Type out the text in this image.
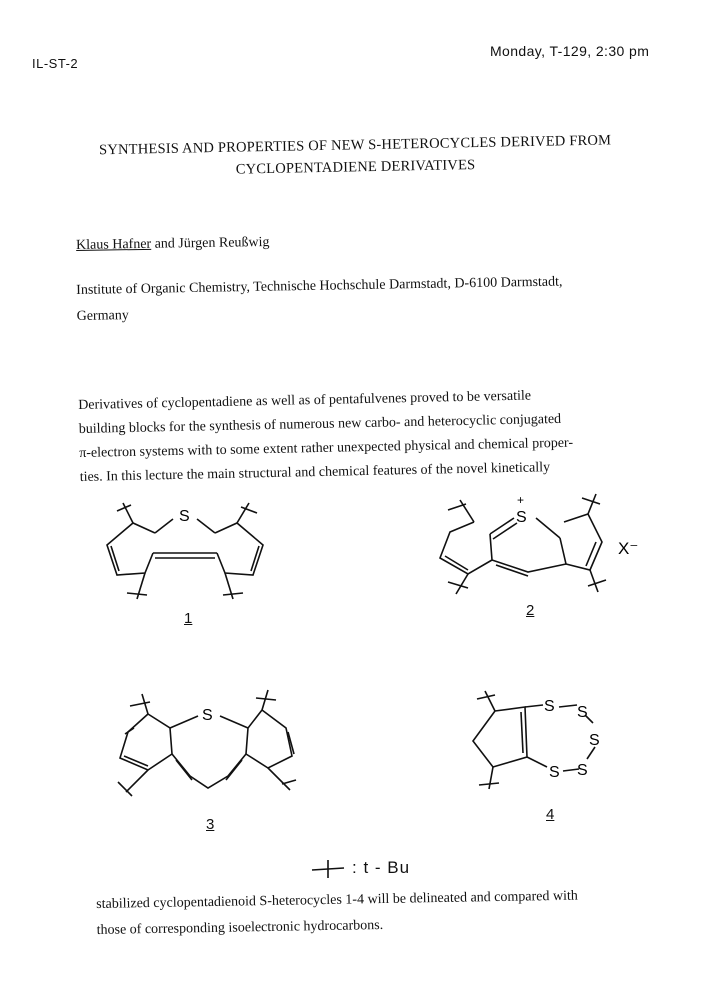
IL-ST-2
Monday, T-129, 2:30 pm
SYNTHESIS AND PROPERTIES OF NEW S-HETEROCYCLES DERIVED FROM
CYCLOPENTADIENE DERIVATIVES
Klaus Hafner and Jürgen Reußwig
Institute of Organic Chemistry, Technische Hochschule Darmstadt, D-6100 Darmstadt,
Germany
Derivatives of cyclopentadiene as well as of pentafulvenes proved to be versatile
building blocks for the synthesis of numerous new carbo- and heterocyclic conjugated
π-electron systems with to some extent rather unexpected physical and chemical proper-
ties. In this lecture the main structural and chemical features of the novel kinetically
S
1
S
+
X⁻
2
S
3
S S
S
S
S
4
: t - Bu
stabilized cyclopentadienoid S-heterocycles 1-4 will be delineated and compared with
those of corresponding isoelectronic hydrocarbons.
